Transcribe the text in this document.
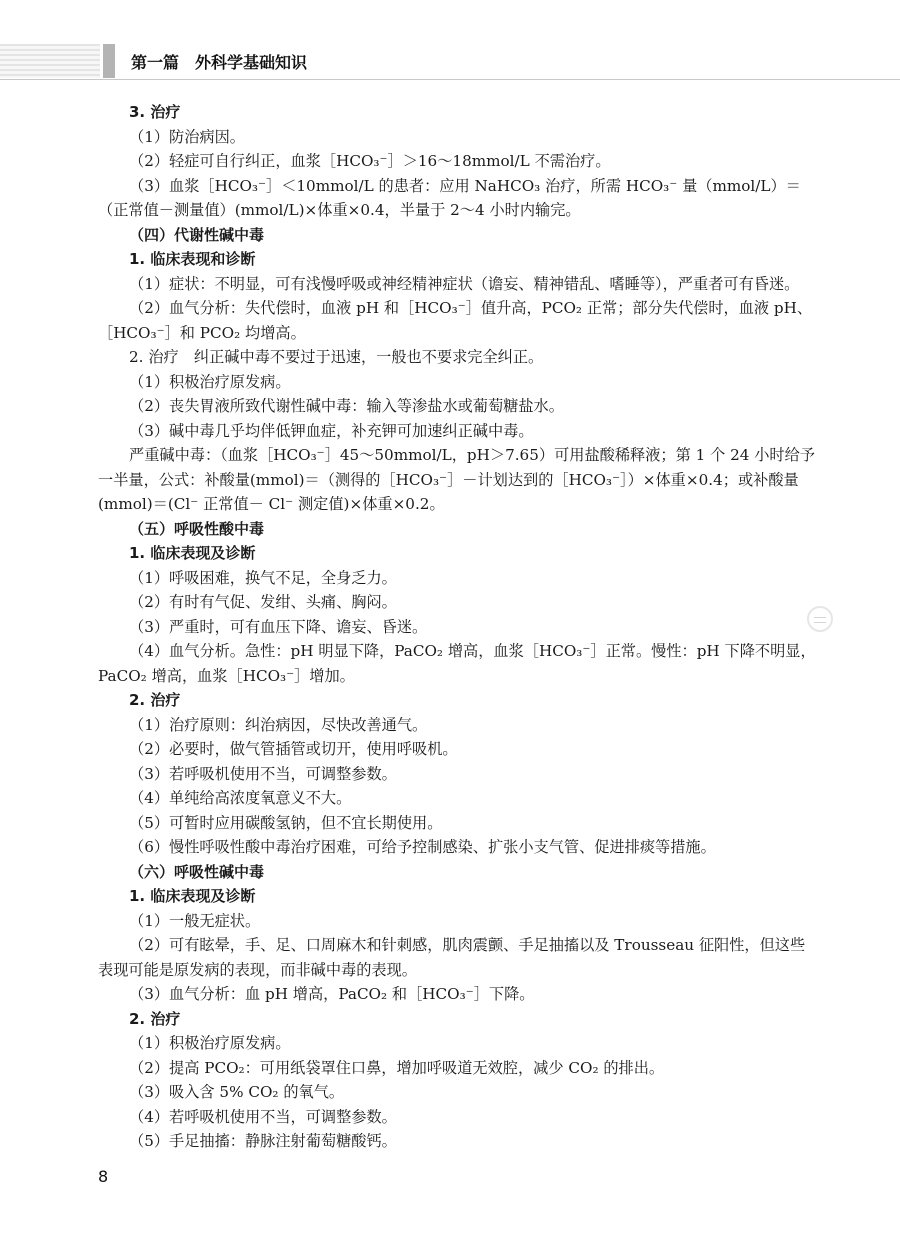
第一篇　外科学基础知识

3. 治疗

（1）防治病因。

（2）轻症可自行纠正，血浆［HCO₃⁻］＞16～18mmol/L 不需治疗。

（3）血浆［HCO₃⁻］＜10mmol/L 的患者：应用 NaHCO₃ 治疗，所需 HCO₃⁻ 量（mmol/L）＝

（正常值－测量值）(mmol/L)×体重×0.4，半量于 2～4 小时内输完。

（四）代谢性碱中毒

1. 临床表现和诊断

（1）症状：不明显，可有浅慢呼吸或神经精神症状（谵妄、精神错乱、嗜睡等），严重者可有昏迷。

（2）血气分析：失代偿时，血液 pH 和［HCO₃⁻］值升高，PCO₂ 正常；部分失代偿时，血液 pH、

［HCO₃⁻］和 PCO₂ 均增高。

2. 治疗　纠正碱中毒不要过于迅速，一般也不要求完全纠正。

（1）积极治疗原发病。

（2）丧失胃液所致代谢性碱中毒：输入等渗盐水或葡萄糖盐水。

（3）碱中毒几乎均伴低钾血症，补充钾可加速纠正碱中毒。

严重碱中毒：（血浆［HCO₃⁻］45～50mmol/L，pH＞7.65）可用盐酸稀释液；第 1 个 24 小时给予

一半量，公式：补酸量(mmol)＝（测得的［HCO₃⁻］－计划达到的［HCO₃⁻］）×体重×0.4；或补酸量

(mmol)＝(Cl⁻ 正常值－ Cl⁻ 测定值)×体重×0.2。

（五）呼吸性酸中毒

1. 临床表现及诊断

（1）呼吸困难，换气不足，全身乏力。

（2）有时有气促、发绀、头痛、胸闷。

（3）严重时，可有血压下降、谵妄、昏迷。

（4）血气分析。急性：pH 明显下降，PaCO₂ 增高，血浆［HCO₃⁻］正常。慢性：pH 下降不明显，

PaCO₂ 增高，血浆［HCO₃⁻］增加。

2. 治疗

（1）治疗原则：纠治病因，尽快改善通气。

（2）必要时，做气管插管或切开，使用呼吸机。

（3）若呼吸机使用不当，可调整参数。

（4）单纯给高浓度氧意义不大。

（5）可暂时应用碳酸氢钠，但不宜长期使用。

（6）慢性呼吸性酸中毒治疗困难，可给予控制感染、扩张小支气管、促进排痰等措施。

（六）呼吸性碱中毒

1. 临床表现及诊断

（1）一般无症状。

（2）可有眩晕，手、足、口周麻木和针刺感，肌肉震颤、手足抽搐以及 Trousseau 征阳性，但这些

表现可能是原发病的表现，而非碱中毒的表现。

（3）血气分析：血 pH 增高，PaCO₂ 和［HCO₃⁻］下降。

2. 治疗

（1）积极治疗原发病。

（2）提高 PCO₂：可用纸袋罩住口鼻，增加呼吸道无效腔，减少 CO₂ 的排出。

（3）吸入含 5% CO₂ 的氧气。

（4）若呼吸机使用不当，可调整参数。

（5）手足抽搐：静脉注射葡萄糖酸钙。

8
